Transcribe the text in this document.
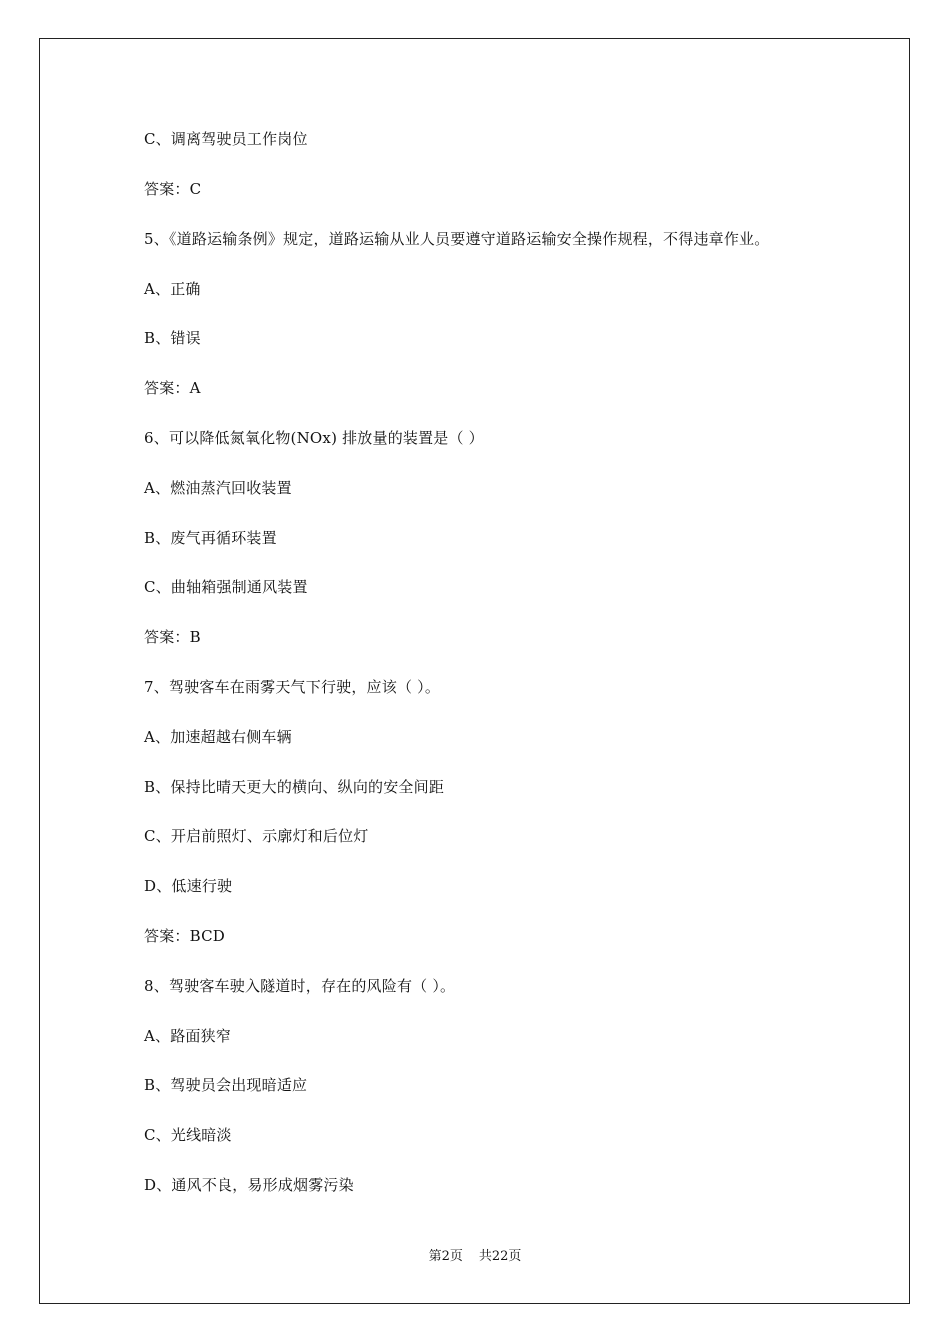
C、调离驾驶员工作岗位
答案：C
5、《道路运输条例》规定，道路运输从业人员要遵守道路运输安全操作规程，不得违章作业。
A、正确
B、错误
答案：A
6、可以降低氮氧化物(NOx) 排放量的装置是（ ）
A、燃油蒸汽回收装置
B、废气再循环装置
C、曲轴箱强制通风装置
答案：B
7、驾驶客车在雨雾天气下行驶，应该（ ）。
A、加速超越右侧车辆
B、保持比晴天更大的横向、纵向的安全间距
C、开启前照灯、示廓灯和后位灯
D、低速行驶
答案：BCD
8、驾驶客车驶入隧道时，存在的风险有（ ）。
A、路面狭窄
B、驾驶员会出现暗适应
C、光线暗淡
D、通风不良，易形成烟雾污染
第2页 共22页
